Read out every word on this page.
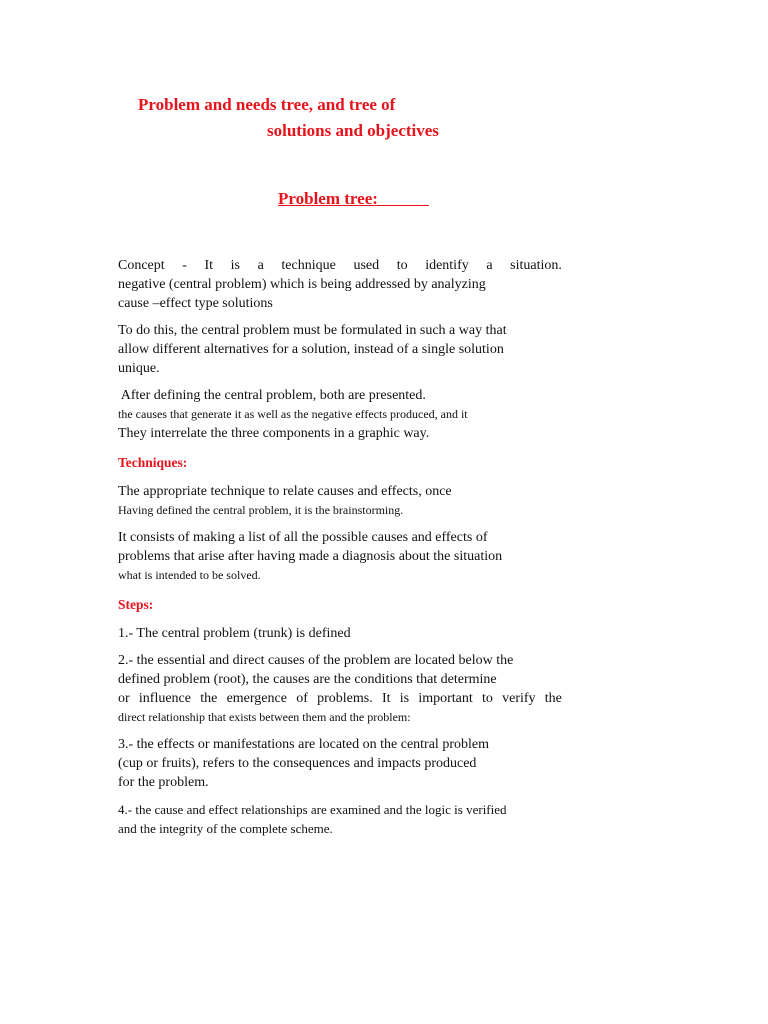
Problem and needs tree, and tree of
solutions and objectives
Problem tree:

Concept - It is a technique used to identify a situation.

negative (central problem) which is being addressed by analyzing

cause –effect type solutions

To do this, the central problem must be formulated in such a way that

allow different alternatives for a solution, instead of a single solution

unique.

After defining the central problem, both are presented.

the causes that generate it as well as the negative effects produced, and it

They interrelate the three components in a graphic way.

Techniques:

The appropriate technique to relate causes and effects, once

Having defined the central problem, it is the brainstorming.

It consists of making a list of all the possible causes and effects of

problems that arise after having made a diagnosis about the situation

what is intended to be solved.

Steps:

1.- The central problem (trunk) is defined

2.- the essential and direct causes of the problem are located below the

defined problem (root), the causes are the conditions that determine

or influence the emergence of problems. It is important to verify the

direct relationship that exists between them and the problem:

3.- the effects or manifestations are located on the central problem

(cup or fruits), refers to the consequences and impacts produced

for the problem.

4.- the cause and effect relationships are examined and the logic is verified

and the integrity of the complete scheme.
